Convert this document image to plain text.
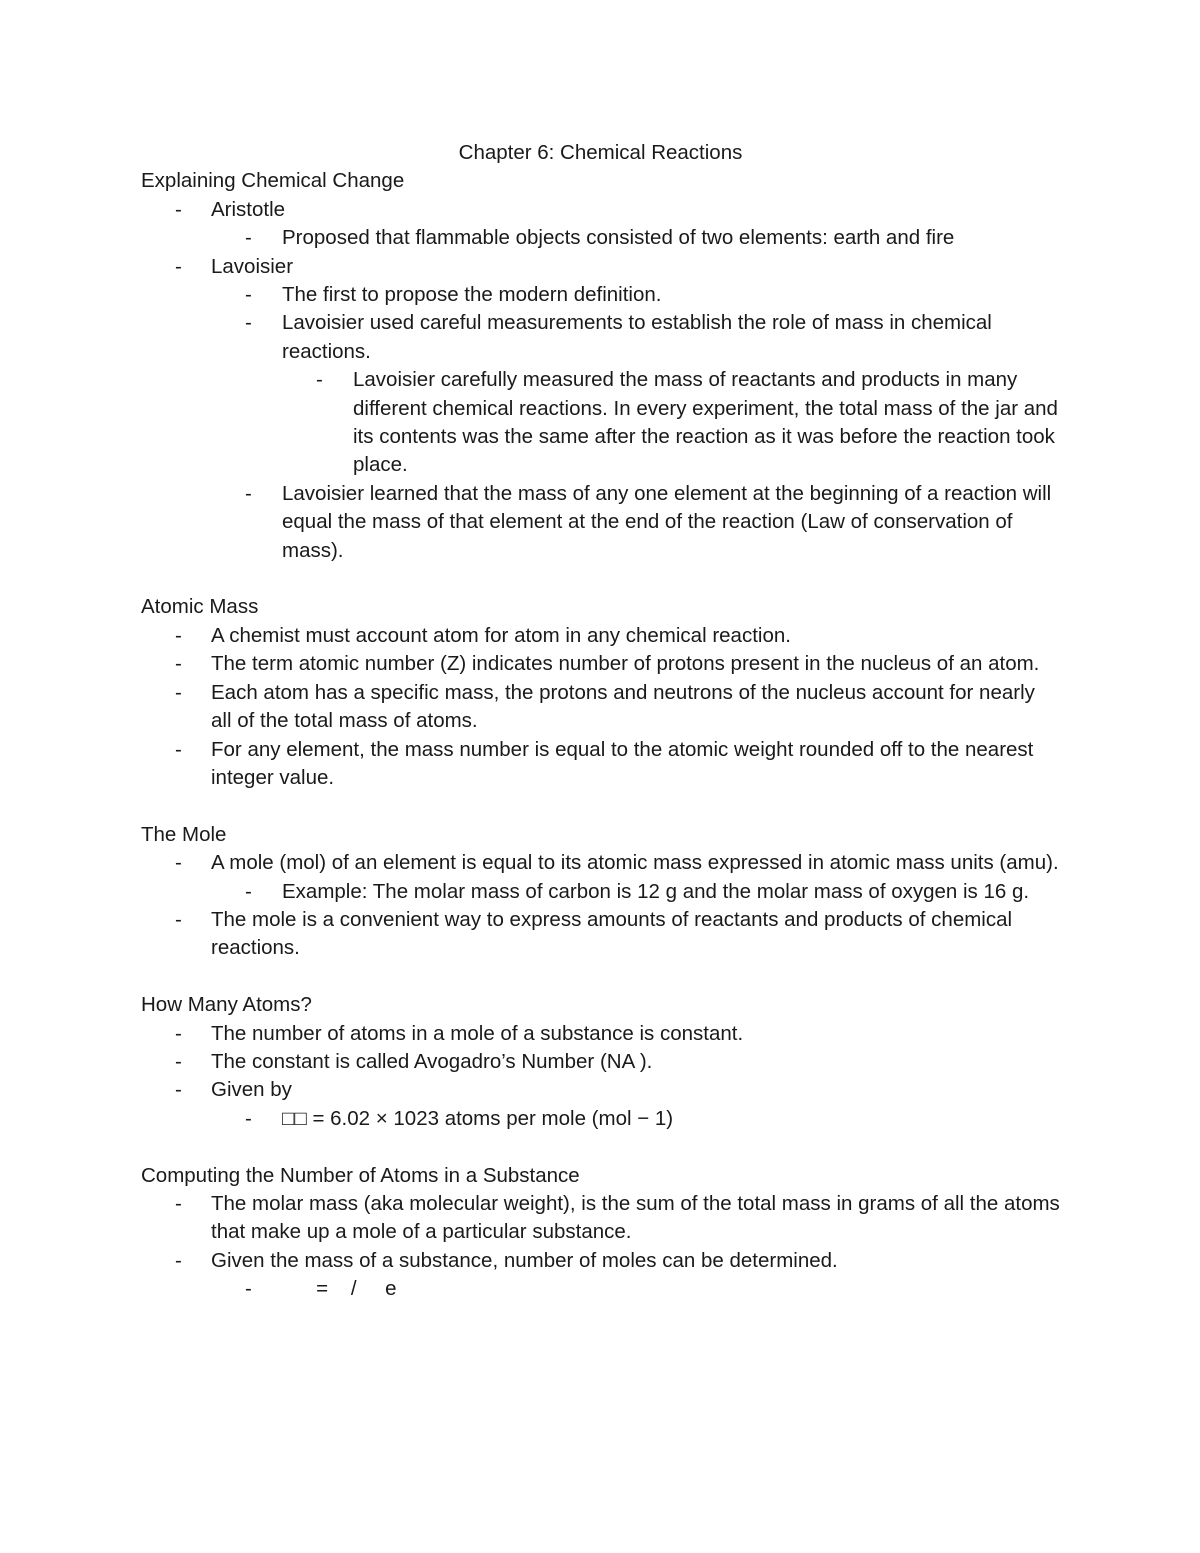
Chapter 6: Chemical Reactions
Explaining Chemical Change
- Aristotle
- Proposed that flammable objects consisted of two elements: earth and fire
- Lavoisier
- The first to propose the modern definition.
- Lavoisier used careful measurements to establish the role of mass in chemical reactions.
- Lavoisier carefully measured the mass of reactants and products in many different chemical reactions. In every experiment, the total mass of the jar and its contents was the same after the reaction as it was before the reaction took place.
- Lavoisier learned that the mass of any one element at the beginning of a reaction will equal the mass of that element at the end of the reaction (Law of conservation of mass).
Atomic Mass
- A chemist must account atom for atom in any chemical reaction.
- The term atomic number (Z) indicates number of protons present in the nucleus of an atom.
- Each atom has a specific mass, the protons and neutrons of the nucleus account for nearly all of the total mass of atoms.
- For any element, the mass number is equal to the atomic weight rounded off to the nearest integer value.
The Mole
- A mole (mol) of an element is equal to its atomic mass expressed in atomic mass units (amu).
- Example: The molar mass of carbon is 12 g and the molar mass of oxygen is 16 g.
- The mole is a convenient way to express amounts of reactants and products of chemical reactions.
How Many Atoms?
- The number of atoms in a mole of a substance is constant.
- The constant is called Avogadro’s Number (NA ).
- Given by
- □□ = 6.02 × 1023 atoms per mole (mol − 1)
Computing the Number of Atoms in a Substance
- The molar mass (aka molecular weight), is the sum of the total mass in grams of all the atoms that make up a mole of a particular substance.
- Given the mass of a substance, number of moles can be determined.
- =    /     e
